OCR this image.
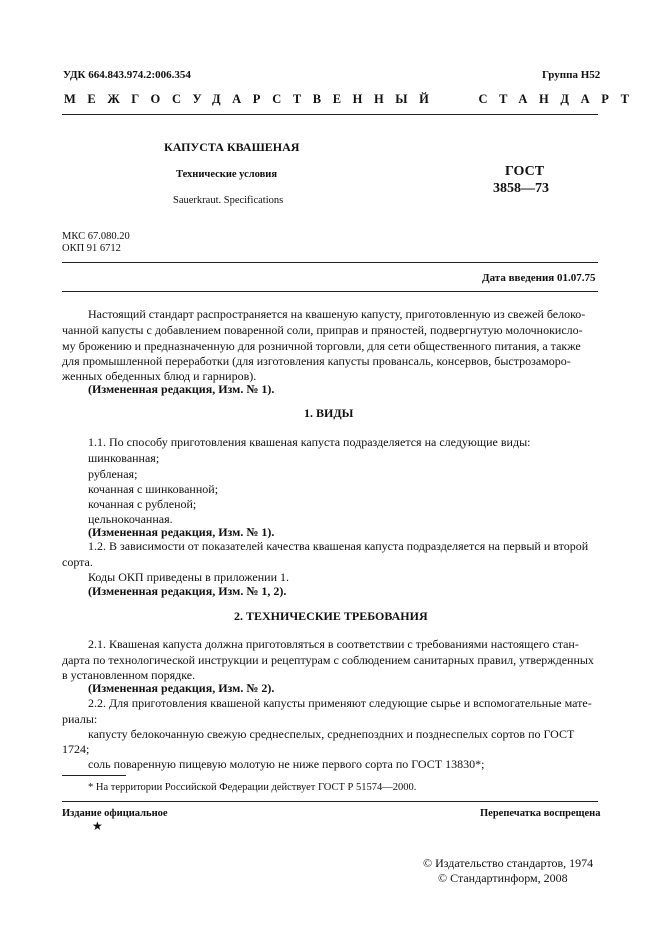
УДК 664.843.974.2:006.354	Группа Н52
МЕЖГОСУДАРСТВЕННЫЙ	СТАНДАРТ
КАПУСТА КВАШЕНАЯ
Технические условия
Sauerkraut. Specifications
ГОСТ
3858—73
МКС 67.080.20
ОКП 91 6712
Дата введения 01.07.75
Настоящий стандарт распространяется на квашеную капусту, приготовленную из свежей белоко-
чанной капусты с добавлением поваренной соли, приправ и пряностей, подвергнутую молочнокисло-
му брожению и предназначенную для розничной торговли, для сети общественного питания, а также
для промышленной переработки (для изготовления капусты провансаль, консервов, быстрозаморо-
женных обеденных блюд и гарниров).
(Измененная редакция, Изм. № 1).
1. ВИДЫ
1.1. По способу приготовления квашеная капуста подразделяется на следующие виды:
шинкованная;
рубленая;
кочанная с шинкованной;
кочанная с рубленой;
цельнокочанная.
(Измененная редакция, Изм. № 1).
1.2. В зависимости от показателей качества квашеная капуста подразделяется на первый и второй
сорта.
Коды ОКП приведены в приложении 1.
(Измененная редакция, Изм. № 1, 2).
2. ТЕХНИЧЕСКИЕ ТРЕБОВАНИЯ
2.1. Квашеная капуста должна приготовляться в соответствии с требованиями настоящего стан-
дарта по технологической инструкции и рецептурам с соблюдением санитарных правил, утвержденных
в установленном порядке.
(Измененная редакция, Изм. № 2).
2.2. Для приготовления квашеной капусты применяют следующие сырье и вспомогательные мате-
риалы:
капусту белокочанную свежую среднеспелых, среднепоздних и позднеспелых сортов по ГОСТ
1724;
соль поваренную пищевую молотую не ниже первого сорта по ГОСТ 13830*;
* На территории Российской Федерации действует ГОСТ Р 51574—2000.
Издание официальное
★
Перепечатка воспрещена
© Издательство стандартов, 1974
© Стандартинформ, 2008
